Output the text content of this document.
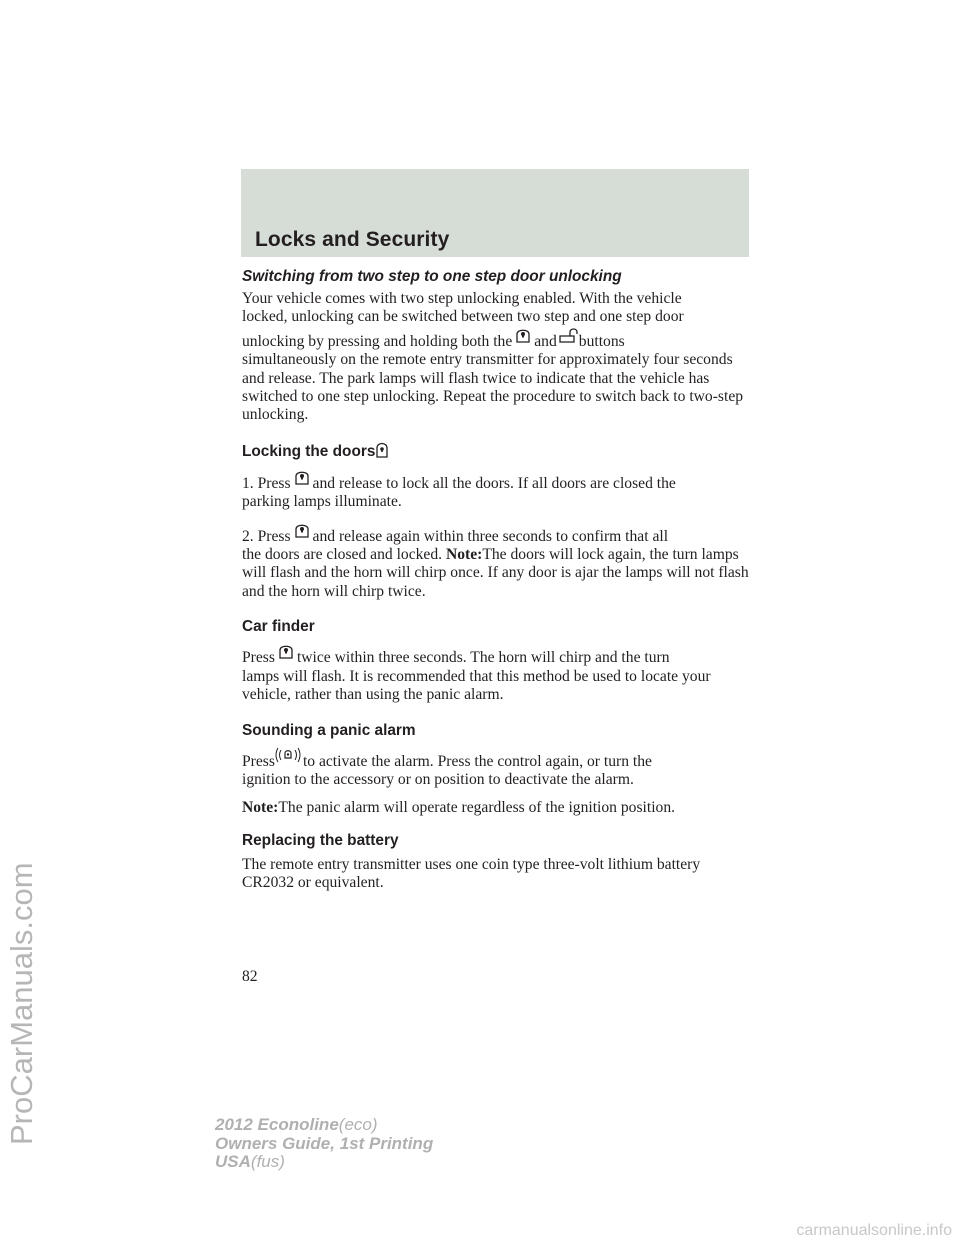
Locks and Security
Switching from two step to one step door unlocking

Your vehicle comes with two step unlocking enabled. With the vehicle
locked, unlocking can be switched between two step and one step door
unlocking by pressing and holding both the and buttons
simultaneously on the remote entry transmitter for approximately four seconds and release. The park lamps will flash twice to indicate that the vehicle has switched to one step unlocking. Repeat the procedure to switch back to two-step unlocking.

Locking the doors

1. Press and release to lock all the doors. If all doors are closed the
parking lamps illuminate.

2. Press and release again within three seconds to confirm that all
the doors are closed and locked. Note:The doors will lock again, the turn lamps will flash and the horn will chirp once. If any door is ajar the lamps will not flash and the horn will chirp twice.

Car finder

Press twice within three seconds. The horn will chirp and the turn
lamps will flash. It is recommended that this method be used to locate your vehicle, rather than using the panic alarm.

Sounding a panic alarm

Press to activate the alarm. Press the control again, or turn the
ignition to the accessory or on position to deactivate the alarm.

Note:The panic alarm will operate regardless of the ignition position.

Replacing the battery

The remote entry transmitter uses one coin type three-volt lithium battery CR2032 or equivalent.

82
2012 Econoline(eco)
Owners Guide, 1st Printing
USA(fus)
ProCarManuals.com
carmanualsonline.info
